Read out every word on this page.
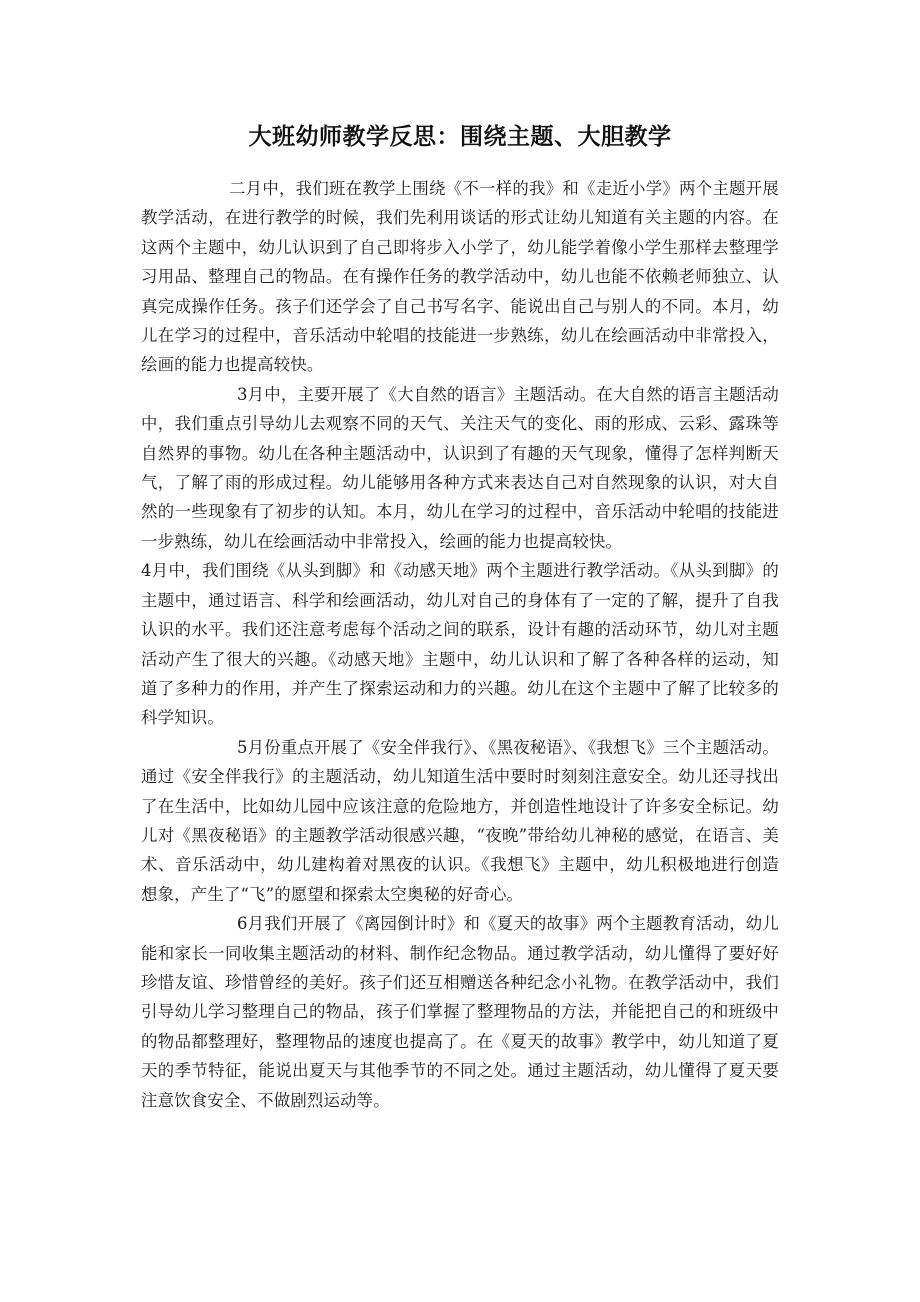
大班幼师教学反思：围绕主题、大胆教学

二月中，我们班在教学上围绕《不一样的我》和《走近小学》两个主题开展教学活动，在进行教学的时候，我们先利用谈话的形式让幼儿知道有关主题的内容。在这两个主题中，幼儿认识到了自己即将步入小学了，幼儿能学着像小学生那样去整理学习用品、整理自己的物品。在有操作任务的教学活动中，幼儿也能不依赖老师独立、认真完成操作任务。孩子们还学会了自己书写名字、能说出自己与别人的不同。本月，幼儿在学习的过程中，音乐活动中轮唱的技能进一步熟练，幼儿在绘画活动中非常投入，绘画的能力也提高较快。

3月中，主要开展了《大自然的语言》主题活动。在大自然的语言主题活动中，我们重点引导幼儿去观察不同的天气、关注天气的变化、雨的形成、云彩、露珠等自然界的事物。幼儿在各种主题活动中，认识到了有趣的天气现象，懂得了怎样判断天气，了解了雨的形成过程。幼儿能够用各种方式来表达自己对自然现象的认识，对大自然的一些现象有了初步的认知。本月，幼儿在学习的过程中，音乐活动中轮唱的技能进一步熟练，幼儿在绘画活动中非常投入，绘画的能力也提高较快。

4月中，我们围绕《从头到脚》和《动感天地》两个主题进行教学活动。《从头到脚》的主题中，通过语言、科学和绘画活动，幼儿对自己的身体有了一定的了解，提升了自我认识的水平。我们还注意考虑每个活动之间的联系，设计有趣的活动环节，幼儿对主题活动产生了很大的兴趣。《动感天地》主题中，幼儿认识和了解了各种各样的运动，知道了多种力的作用，并产生了探索运动和力的兴趣。幼儿在这个主题中了解了比较多的科学知识。

5月份重点开展了《安全伴我行》、《黑夜秘语》、《我想飞》三个主题活动。通过《安全伴我行》的主题活动，幼儿知道生活中要时时刻刻注意安全。幼儿还寻找出了在生活中，比如幼儿园中应该注意的危险地方，并创造性地设计了许多安全标记。幼儿对《黑夜秘语》的主题教学活动很感兴趣，“夜晚”带给幼儿神秘的感觉，在语言、美术、音乐活动中，幼儿建构着对黑夜的认识。《我想飞》主题中，幼儿积极地进行创造想象，产生了“飞”的愿望和探索太空奥秘的好奇心。

6月我们开展了《离园倒计时》和《夏天的故事》两个主题教育活动，幼儿能和家长一同收集主题活动的材料、制作纪念物品。通过教学活动，幼儿懂得了要好好珍惜友谊、珍惜曾经的美好。孩子们还互相赠送各种纪念小礼物。在教学活动中，我们引导幼儿学习整理自己的物品，孩子们掌握了整理物品的方法，并能把自己的和班级中的物品都整理好，整理物品的速度也提高了。在《夏天的故事》教学中，幼儿知道了夏天的季节特征，能说出夏天与其他季节的不同之处。通过主题活动，幼儿懂得了夏天要注意饮食安全、不做剧烈运动等。
